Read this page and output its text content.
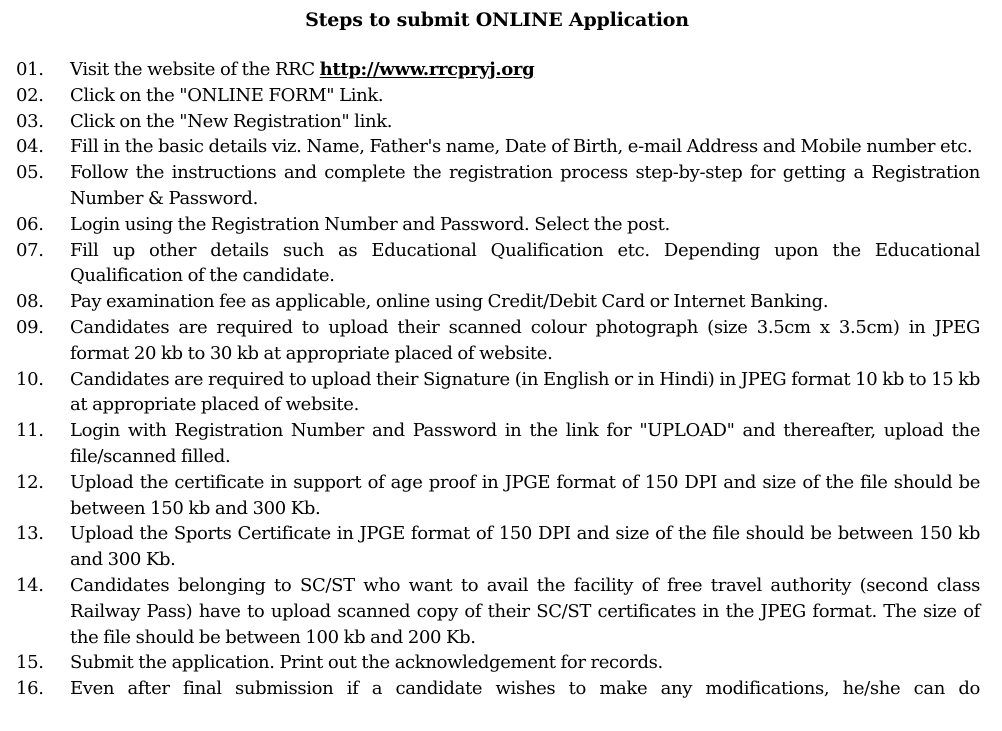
Steps to submit ONLINE Application
01.	Visit the website of the RRC http://www.rrcpryj.org
02.	Click on the "ONLINE FORM" Link.
03.	Click on the "New Registration" link.
04.	Fill in the basic details viz. Name, Father's name, Date of Birth, e-mail Address and Mobile number etc.
05.	Follow the instructions and complete the registration process step-by-step for getting a Registration Number & Password.
06.	Login using the Registration Number and Password. Select the post.
07.	Fill up other details such as Educational Qualification etc. Depending upon the Educational Qualification of the candidate.
08.	Pay examination fee as applicable, online using Credit/Debit Card or Internet Banking.
09.	Candidates are required to upload their scanned colour photograph (size 3.5cm x 3.5cm) in JPEG format 20 kb to 30 kb at appropriate placed of website.
10.	Candidates are required to upload their Signature (in English or in Hindi) in JPEG format 10 kb to 15 kb at appropriate placed of website.
11.	Login with Registration Number and Password in the link for "UPLOAD" and thereafter, upload the file/scanned filled.
12.	Upload the certificate in support of age proof in JPGE format of 150 DPI and size of the file should be between 150 kb and 300 Kb.
13.	Upload the Sports Certificate in JPGE format of 150 DPI and size of the file should be between 150 kb and 300 Kb.
14.	Candidates belonging to SC/ST who want to avail the facility of free travel authority (second class Railway Pass) have to upload scanned copy of their SC/ST certificates in the JPEG format. The size of the file should be between 100 kb and 200 Kb.
15.	Submit the application. Print out the acknowledgement for records.
16.	Even after final submission if a candidate wishes to make any modifications, he/she can do
